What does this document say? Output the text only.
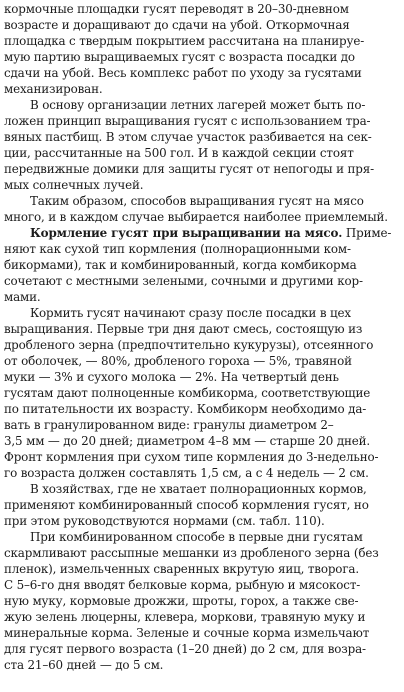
кормочные площадки гусят переводят в 20–30-дневном
возрасте и доращивают до сдачи на убой. Откормочная
площадка с твердым покрытием рассчитана на планируе-
мую партию выращиваемых гусят с возраста посадки до
сдачи на убой. Весь комплекс работ по уходу за гусятами
механизирован.
В основу организации летних лагерей может быть по-
ложен принцип выращивания гусят с использованием тра-
вяных пастбищ. В этом случае участок разбивается на сек-
ции, рассчитанные на 500 гол. И в каждой секции стоят
передвижные домики для защиты гусят от непогоды и пря-
мых солнечных лучей.
Таким образом, способов выращивания гусят на мясо
много, и в каждом случае выбирается наиболее приемлемый.
Кормление гусят при выращивании на мясо. Приме-
няют как сухой тип кормления (полнорационными ком-
бикормами), так и комбинированный, когда комбикорма
сочетают с местными зелеными, сочными и другими кор-
мами.
Кормить гусят начинают сразу после посадки в цех
выращивания. Первые три дня дают смесь, состоящую из
дробленого зерна (предпочтительно кукурузы), отсеянного
от оболочек, — 80%, дробленого гороха — 5%, травяной
муки — 3% и сухого молока — 2%. На четвертый день
гусятам дают полноценные комбикорма, соответствующие
по питательности их возрасту. Комбикорм необходимо да-
вать в гранулированном виде: гранулы диаметром 2–
3,5 мм — до 20 дней; диаметром 4–8 мм — старше 20 дней.
Фронт кормления при сухом типе кормления до 3-недельно-
го возраста должен составлять 1,5 см, а с 4 недель — 2 см.
В хозяйствах, где не хватает полнорационных кормов,
применяют комбинированный способ кормления гусят, но
при этом руководствуются нормами (см. табл. 110).
При комбинированном способе в первые дни гусятам
скармливают рассыпные мешанки из дробленого зерна (без
пленок), измельченных сваренных вкрутую яиц, творога.
С 5–6-го дня вводят белковые корма, рыбную и мясокост-
ную муку, кормовые дрожжи, шроты, горох, а также све-
жую зелень люцерны, клевера, моркови, травяную муку и
минеральные корма. Зеленые и сочные корма измельчают
для гусят первого возраста (1–20 дней) до 2 см, для возра-
ста 21–60 дней — до 5 см.
